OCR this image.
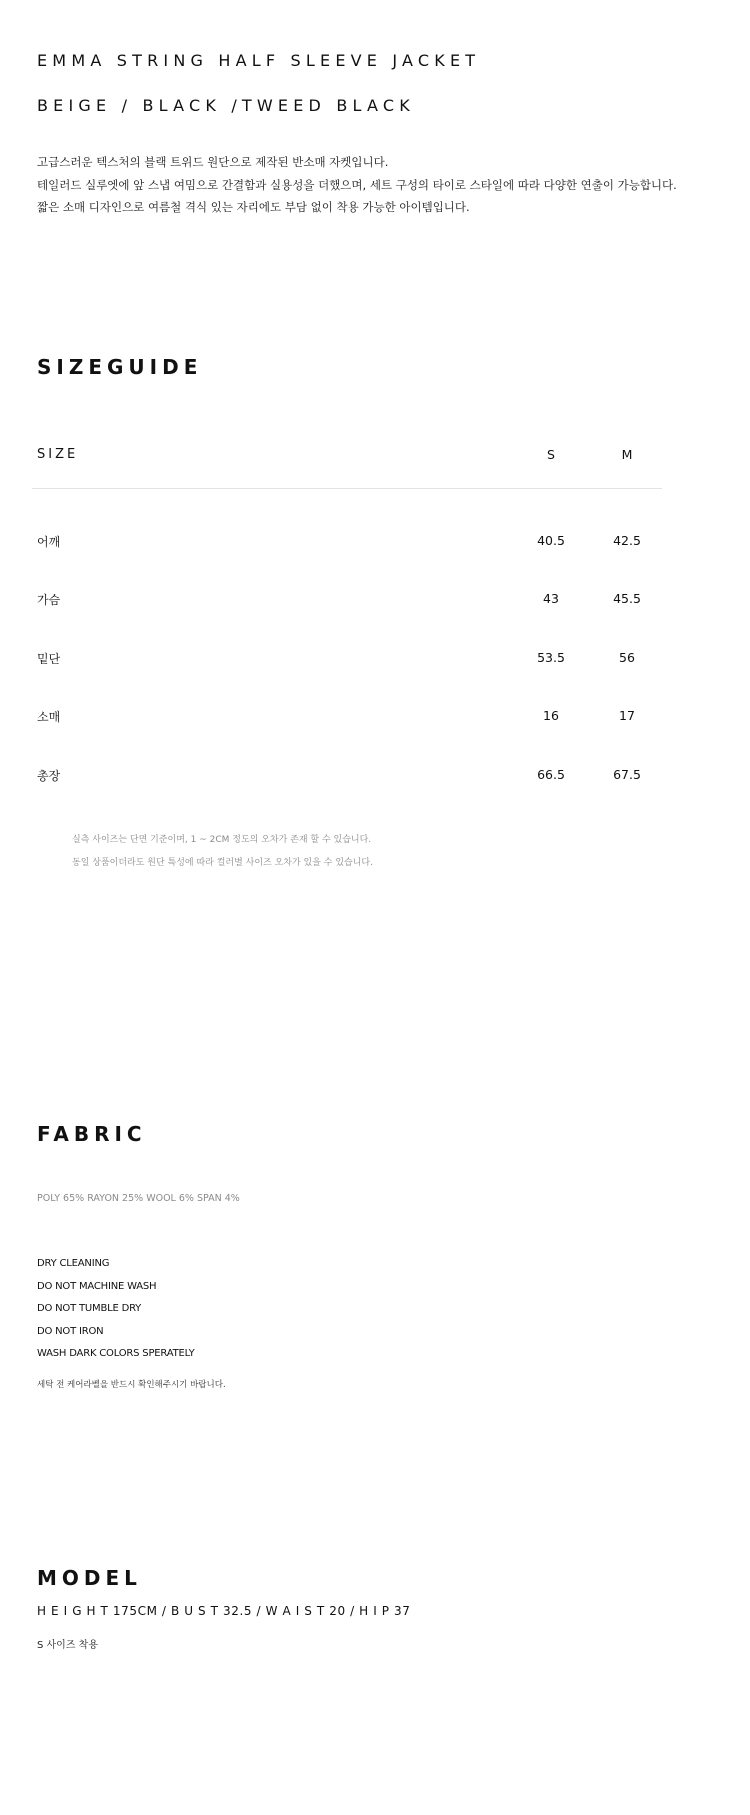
EMMA STRING HALF SLEEVE JACKET
BEIGE / BLACK /TWEED BLACK
고급스러운 텍스처의 블랙 트위드 원단으로 제작된 반소매 자켓입니다.
테일러드 실루엣에 앞 스냅 여밈으로 간결함과 실용성을 더했으며, 세트 구성의 타이로 스타일에 따라 다양한 연출이 가능합니다.
짧은 소매 디자인으로 여름철 격식 있는 자리에도 부담 없이 착용 가능한 아이템입니다.
SIZEGUIDE
SIZE	S	M
어깨	40.5	42.5
가슴	43	45.5
밑단	53.5	56
소매	16	17
총장	66.5	67.5
실측 사이즈는 단면 기준이며, 1 ~ 2CM 정도의 오차가 존재 할 수 있습니다.
동일 상품이더라도 원단 특성에 따라 컬러별 사이즈 오차가 있을 수 있습니다.
FABRIC
POLY 65% RAYON 25% WOOL 6% SPAN 4%
DRY CLEANING
DO NOT MACHINE WASH
DO NOT TUMBLE DRY
DO NOT IRON
WASH DARK COLORS SPERATELY
세탁 전 케어라벨을 반드시 확인해주시기 바랍니다.
MODEL
H E I G H T 175CM / B U S T 32.5 / W A I S T 20 / H I P 37
S 사이즈 착용
